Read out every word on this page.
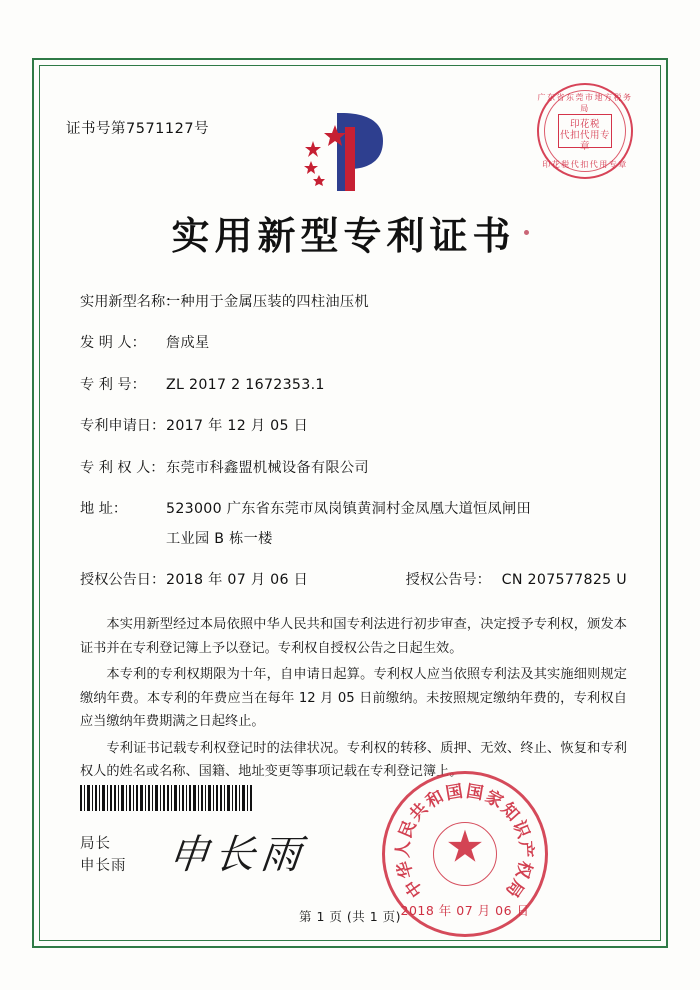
证书号第7571127号
广东省东莞市地方税务局
印花税
代扣代用专章
印花税代扣代用专章
实用新型专利证书
实用新型名称：
一种用于金属压装的四柱油压机
发 明 人：	詹成星
专 利 号：	ZL 2017 2 1672353.1
专利申请日： 2017 年 12 月 05 日
专 利 权 人： 东莞市科鑫盟机械设备有限公司
地 址：	523000 广东省东莞市凤岗镇黄洞村金凤凰大道恒凤闸田
工业园 B 栋一楼
授权公告日： 2018 年 07 月 06 日	授权公告号： CN 207577825 U

本实用新型经过本局依照中华人民共和国专利法进行初步审查，决定授予专利权，颁发本证书并在专利登记簿上予以登记。专利权自授权公告之日起生效。

本专利的专利权期限为十年，自申请日起算。专利权人应当依照专利法及其实施细则规定缴纳年费。本专利的年费应当在每年 12 月 05 日前缴纳。未按照规定缴纳年费的，专利权自应当缴纳年费期满之日起终止。

专利证书记载专利权登记时的法律状况。专利权的转移、质押、无效、终止、恢复和专利权人的姓名或名称、国籍、地址变更等事项记载在专利登记簿上。

局长
申长雨 申长雨	★
中
华
人
民
共
和
国 国
家
知
识
产
权
局
2018 年 07 月 06 日
第 1 页 (共 1 页)
